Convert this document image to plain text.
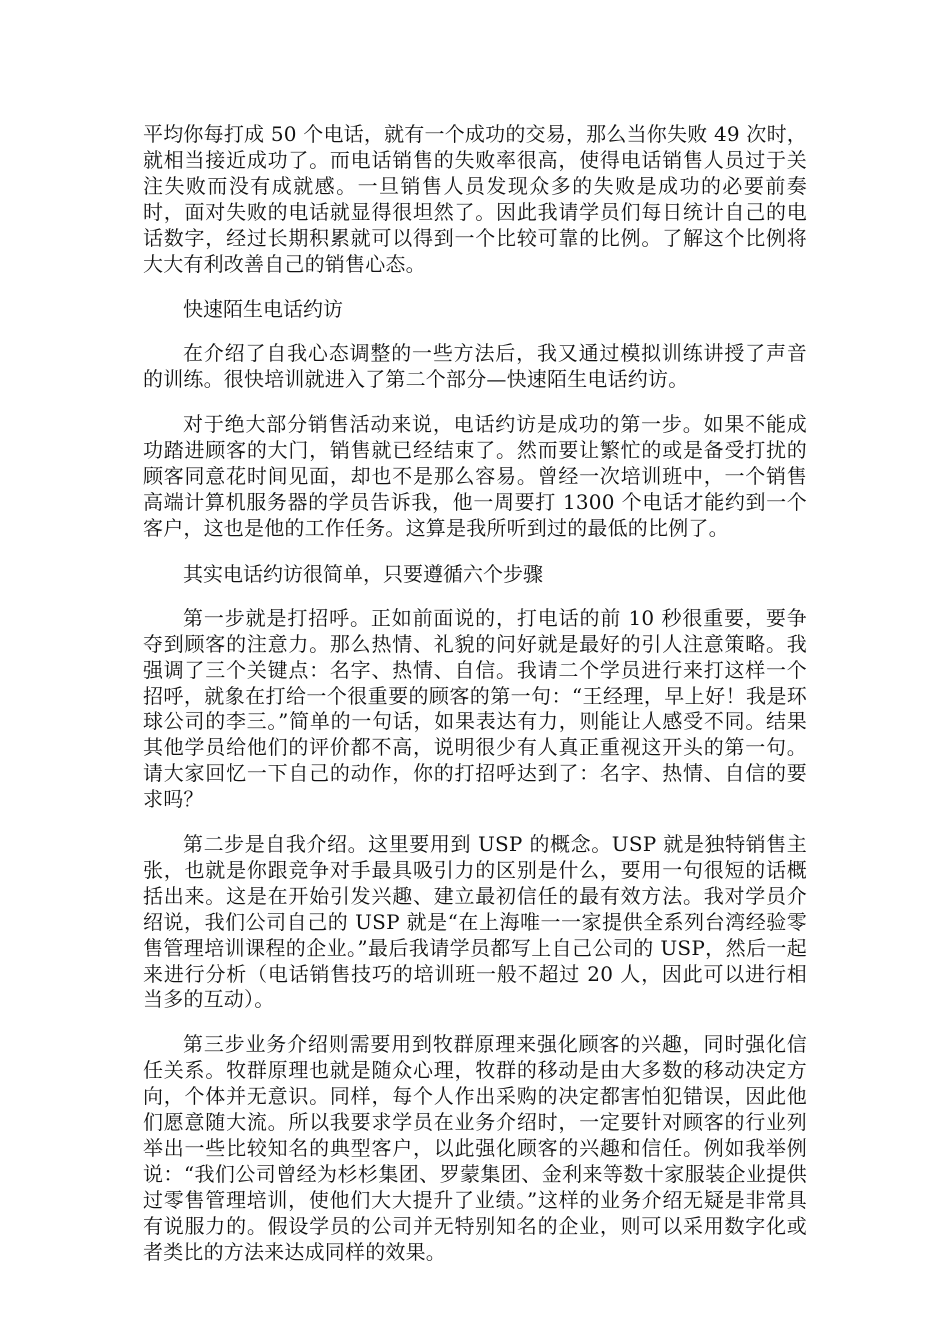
平均你每打成 50 个电话，就有一个成功的交易，那么当你失败 49 次时，就相当接近成功了。而电话销售的失败率很高，使得电话销售人员过于关注失败而没有成就感。一旦销售人员发现众多的失败是成功的必要前奏时，面对失败的电话就显得很坦然了。因此我请学员们每日统计自己的电话数字，经过长期积累就可以得到一个比较可靠的比例。了解这个比例将大大有利改善自己的销售心态。

快速陌生电话约访

在介绍了自我心态调整的一些方法后，我又通过模拟训练讲授了声音的训练。很快培训就进入了第二个部分—快速陌生电话约访。

对于绝大部分销售活动来说，电话约访是成功的第一步。如果不能成功踏进顾客的大门，销售就已经结束了。然而要让繁忙的或是备受打扰的顾客同意花时间见面，却也不是那么容易。曾经一次培训班中，一个销售高端计算机服务器的学员告诉我，他一周要打 1300 个电话才能约到一个客户，这也是他的工作任务。这算是我所听到过的最低的比例了。

其实电话约访很简单，只要遵循六个步骤

第一步就是打招呼。正如前面说的，打电话的前 10 秒很重要，要争夺到顾客的注意力。那么热情、礼貌的问好就是最好的引人注意策略。我强调了三个关键点：名字、热情、自信。我请二个学员进行来打这样一个招呼，就象在打给一个很重要的顾客的第一句：“王经理，早上好！我是环球公司的李三。”简单的一句话，如果表达有力，则能让人感受不同。结果其他学员给他们的评价都不高，说明很少有人真正重视这开头的第一句。请大家回忆一下自己的动作，你的打招呼达到了：名字、热情、自信的要求吗？

第二步是自我介绍。这里要用到 USP 的概念。USP 就是独特销售主张，也就是你跟竞争对手最具吸引力的区别是什么，要用一句很短的话概括出来。这是在开始引发兴趣、建立最初信任的最有效方法。我对学员介绍说，我们公司自己的 USP 就是“在上海唯一一家提供全系列台湾经验零售管理培训课程的企业。”最后我请学员都写上自己公司的 USP，然后一起来进行分析（电话销售技巧的培训班一般不超过 20 人，因此可以进行相当多的互动）。

第三步业务介绍则需要用到牧群原理来强化顾客的兴趣，同时强化信任关系。牧群原理也就是随众心理，牧群的移动是由大多数的移动决定方向，个体并无意识。同样，每个人作出采购的决定都害怕犯错误，因此他们愿意随大流。所以我要求学员在业务介绍时，一定要针对顾客的行业列举出一些比较知名的典型客户，以此强化顾客的兴趣和信任。例如我举例说：“我们公司曾经为杉杉集团、罗蒙集团、金利来等数十家服装企业提供过零售管理培训，使他们大大提升了业绩。”这样的业务介绍无疑是非常具有说服力的。假设学员的公司并无特别知名的企业，则可以采用数字化或者类比的方法来达成同样的效果。
